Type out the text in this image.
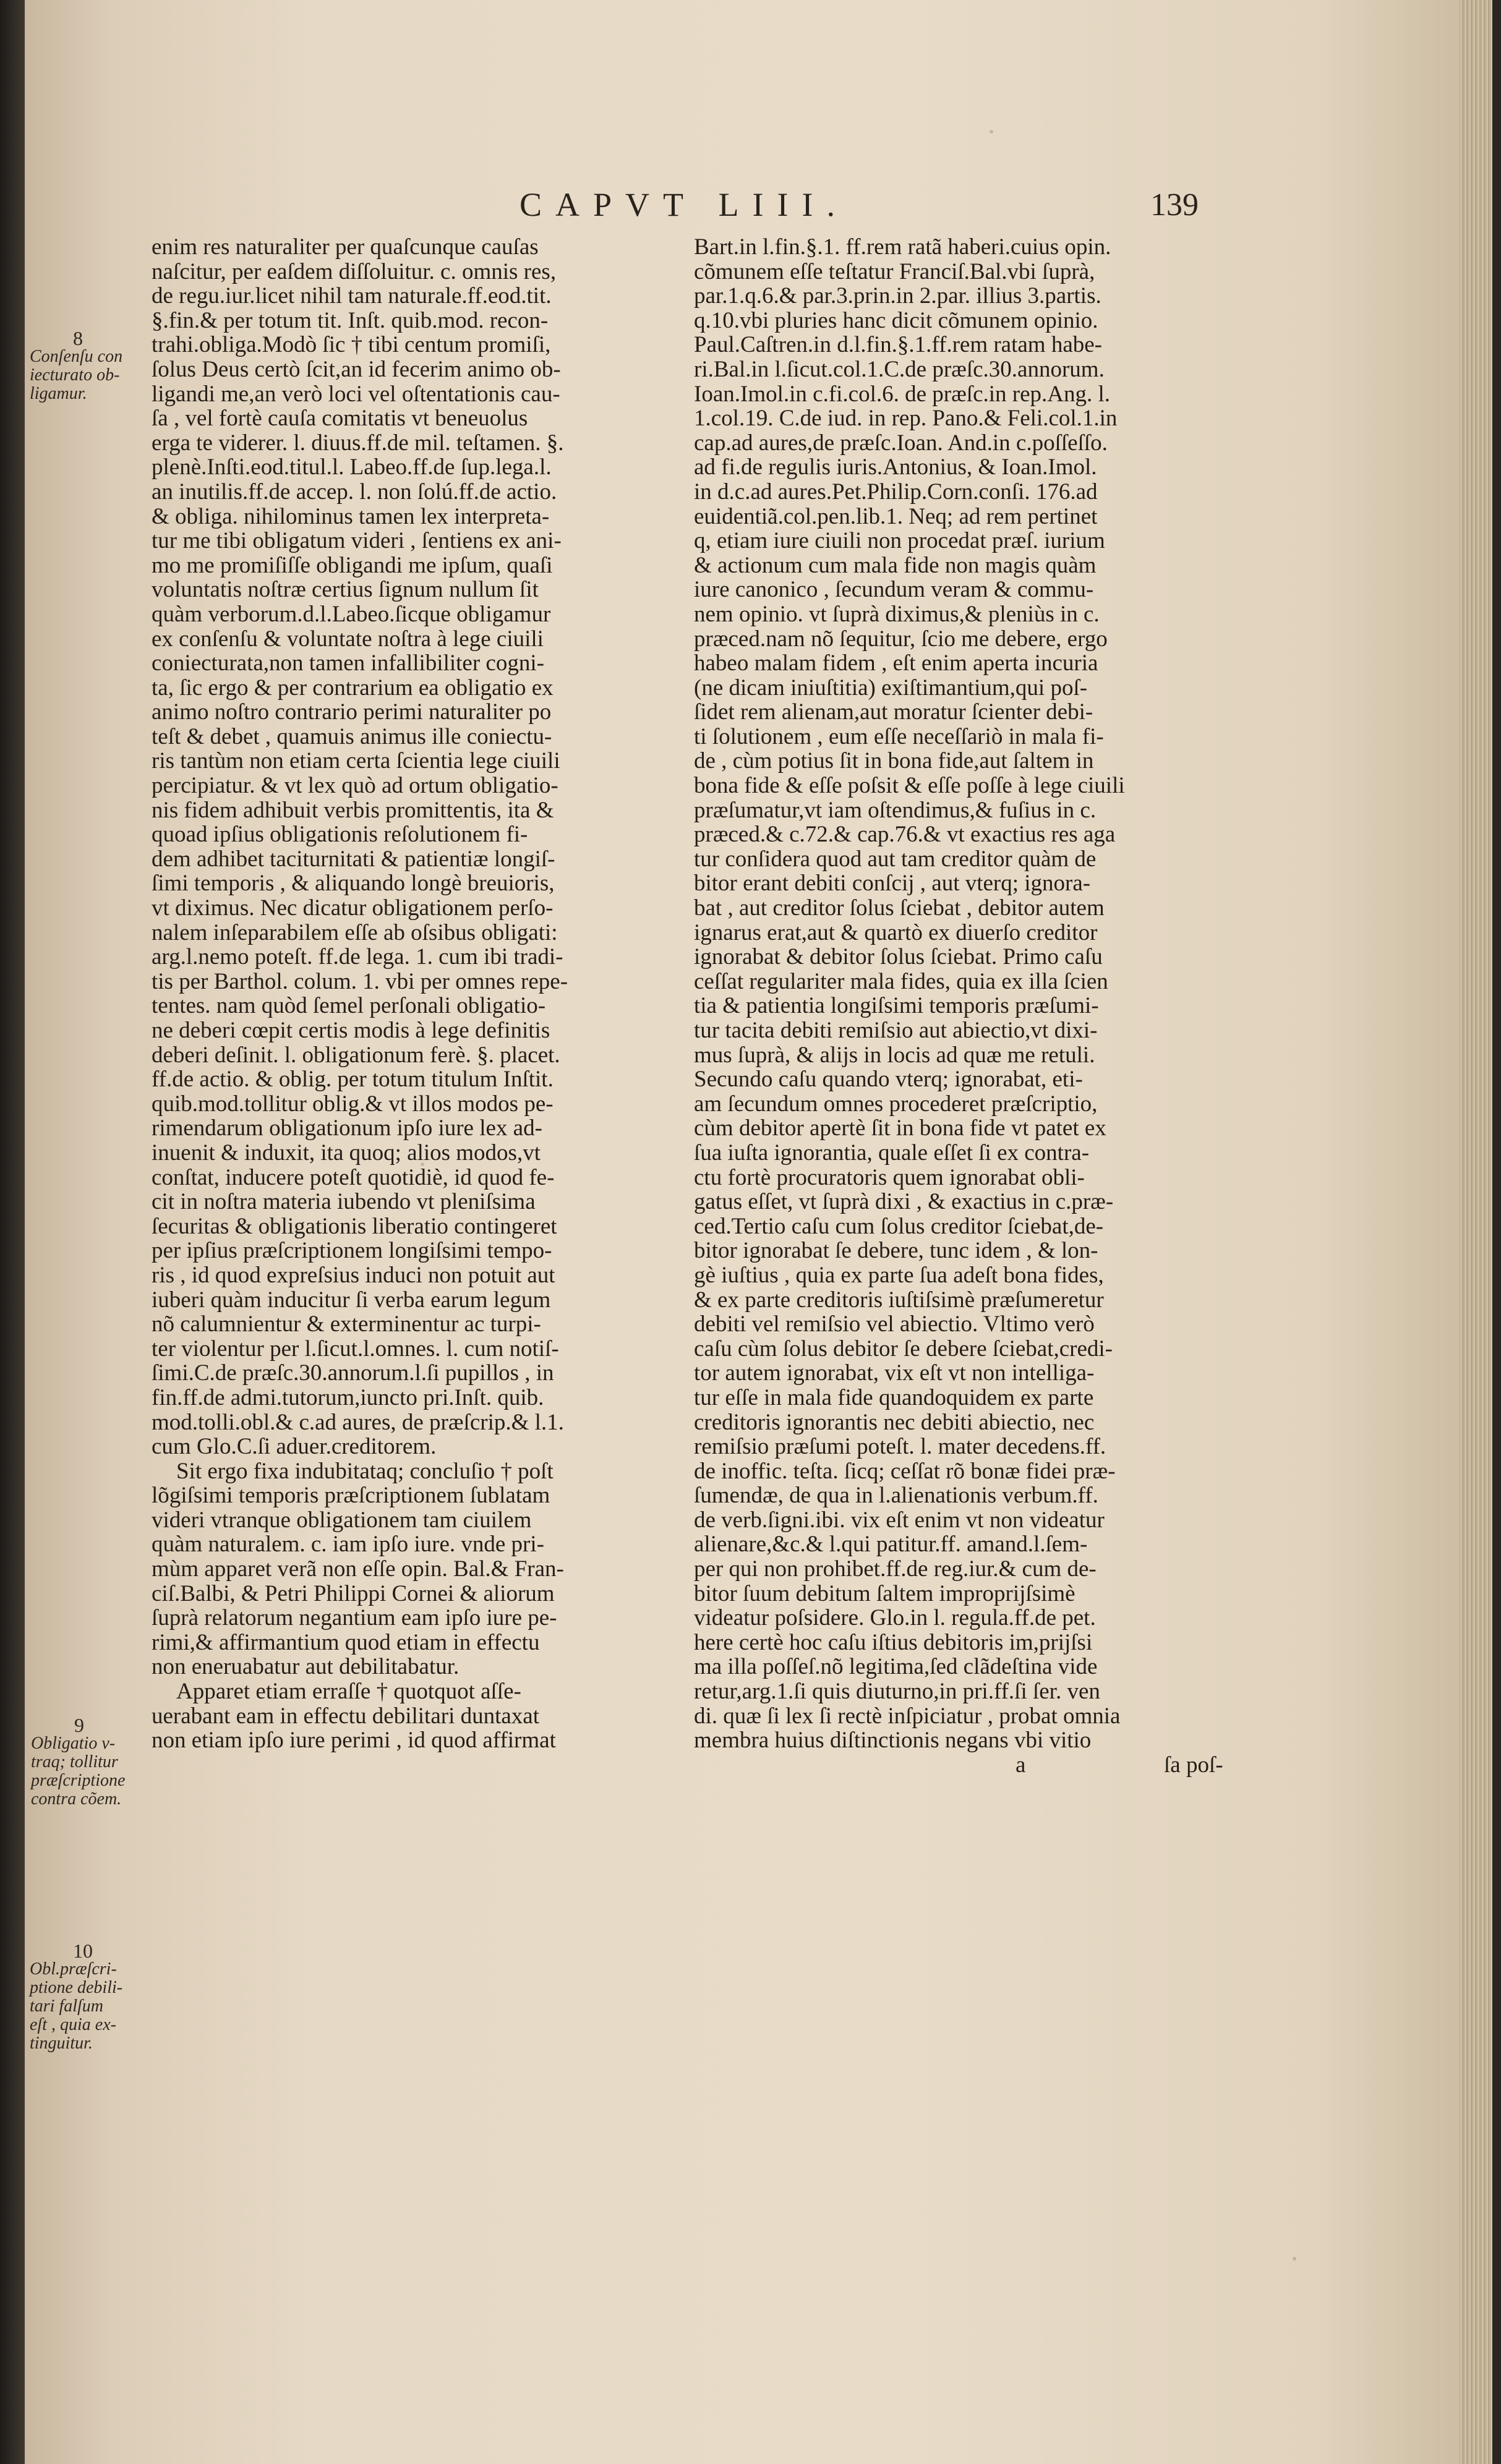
CAPVT LIII.	139
8
Conſenſu con
iecturato ob-
ligamur.
9
Obligatio v-
traq; tollitur
præſcriptione
contra cõem.
10
Obl.præſcri-
ptione debili-
tari falſum
eſt , quia ex-
tinguitur.
enim res naturaliter per quaſcunque cauſas
naſcitur, per eaſdem diſſoluitur. c. omnis res,
de regu.iur.licet nihil tam naturale.ff.eod.tit.
§.fin.& per totum tit. Inſt. quib.mod. recon-
trahi.obliga.Modò ſic † tibi centum promiſi,
ſolus Deus certò ſcit,an id fecerim animo ob-
ligandi me,an verò loci vel oſtentationis cau-
ſa , vel fortè cauſa comitatis vt beneuolus
erga te viderer. l. diuus.ff.de mil. teſtamen. §.
plenè.Inſti.eod.titul.l. Labeo.ff.de ſup.lega.l.
an inutilis.ff.de accep. l. non ſolú.ff.de actio.
& obliga. nihilominus tamen lex interpreta-
tur me tibi obligatum videri , ſentiens ex ani-
mo me promiſiſſe obligandi me ipſum, quaſi
voluntatis noſtræ certius ſignum nullum ſit
quàm verborum.d.l.Labeo.ſicque obligamur
ex conſenſu & voluntate noſtra à lege ciuili
coniecturata,non tamen infallibiliter cogni-
ta, ſic ergo & per contrarium ea obligatio ex
animo noſtro contrario perimi naturaliter po
teſt & debet , quamuis animus ille coniectu-
ris tantùm non etiam certa ſcientia lege ciuili
percipiatur. & vt lex quò ad ortum obligatio-
nis fidem adhibuit verbis promittentis, ita &
quoad ipſius obligationis reſolutionem fi-
dem adhibet taciturnitati & patientiæ longiſ-
ſimi temporis , & aliquando longè breuioris,
vt diximus. Nec dicatur obligationem perſo-
nalem inſeparabilem eſſe ab oſsibus obligati:
arg.l.nemo poteſt. ff.de lega. 1. cum ibi tradi-
tis per Barthol. colum. 1. vbi per omnes repe-
tentes. nam quòd ſemel perſonali obligatio-
ne deberi cœpit certis modis à lege definitis
deberi deſinit. l. obligationum ferè. §. placet.
ff.de actio. & oblig. per totum titulum Inſtit.
quib.mod.tollitur oblig.& vt illos modos pe-
rimendarum obligationum ipſo iure lex ad-
inuenit & induxit, ita quoq; alios modos,vt
conſtat, inducere poteſt quotidiè, id quod fe-
cit in noſtra materia iubendo vt pleniſsima
ſecuritas & obligationis liberatio contingeret
per ipſius præſcriptionem longiſsimi tempo-
ris , id quod expreſsius induci non potuit aut
iuberi quàm inducitur ſi verba earum legum
nõ calumnientur & exterminentur ac turpi-
ter violentur per l.ſicut.l.omnes. l. cum notiſ-
ſimi.C.de præſc.30.annorum.l.ſi pupillos , in
fin.ff.de admi.tutorum,iuncto pri.Inſt. quib.
mod.tolli.obl.& c.ad aures, de præſcrip.& l.1.
cum Glo.C.ſi aduer.creditorem.
Sit ergo fixa indubitataq; concluſio † poſt
lõgiſsimi temporis præſcriptionem ſublatam
videri vtranque obligationem tam ciuilem
quàm naturalem. c. iam ipſo iure. vnde pri-
mùm apparet verã non eſſe opin. Bal.& Fran-
ciſ.Balbi, & Petri Philippi Cornei & aliorum
ſuprà relatorum negantium eam ipſo iure pe-
rimi,& affirmantium quod etiam in effectu
non eneruabatur aut debilitabatur.
Apparet etiam erraſſe † quotquot aſſe-
uerabant eam in effectu debilitari duntaxat
non etiam ipſo iure perimi , id quod affirmat
Bart.in l.fin.§.1. ff.rem ratã haberi.cuius opin.
cõmunem eſſe teſtatur Franciſ.Bal.vbi ſuprà,
par.1.q.6.& par.3.prin.in 2.par. illius 3.partis.
q.10.vbi pluries hanc dicit cõmunem opinio.
Paul.Caſtren.in d.l.fin.§.1.ff.rem ratam habe-
ri.Bal.in l.ſicut.col.1.C.de præſc.30.annorum.
Ioan.Imol.in c.fi.col.6. de præſc.in rep.Ang. l.
1.col.19. C.de iud. in rep. Pano.& Feli.col.1.in
cap.ad aures,de præſc.Ioan. And.in c.poſſeſſo.
ad fi.de regulis iuris.Antonius, & Ioan.Imol.
in d.c.ad aures.Pet.Philip.Corn.conſi. 176.ad
euidentiã.col.pen.lib.1. Neq; ad rem pertinet
q, etiam iure ciuili non procedat præſ. iurium
& actionum cum mala fide non magis quàm
iure canonico , ſecundum veram & commu-
nem opinio. vt ſuprà diximus,& pleniùs in c.
præced.nam nõ ſequitur, ſcio me debere, ergo
habeo malam fidem , eſt enim aperta incuria
(ne dicam iniuſtitia) exiſtimantium,qui poſ-
ſidet rem alienam,aut moratur ſcienter debi-
ti ſolutionem , eum eſſe neceſſariò in mala fi-
de , cùm potius ſit in bona fide,aut ſaltem in
bona fide & eſſe poſsit & eſſe poſſe à lege ciuili
præſumatur,vt iam oſtendimus,& fuſius in c.
præced.& c.72.& cap.76.& vt exactius res aga
tur conſidera quod aut tam creditor quàm de
bitor erant debiti conſcij , aut vterq; ignora-
bat , aut creditor ſolus ſciebat , debitor autem
ignarus erat,aut & quartò ex diuerſo creditor
ignorabat & debitor ſolus ſciebat. Primo caſu
ceſſat regulariter mala fides, quia ex illa ſcien
tia & patientia longiſsimi temporis præſumi-
tur tacita debiti remiſsio aut abiectio,vt dixi-
mus ſuprà, & alijs in locis ad quæ me retuli.
Secundo caſu quando vterq; ignorabat, eti-
am ſecundum omnes procederet præſcriptio,
cùm debitor apertè ſit in bona fide vt patet ex
ſua iuſta ignorantia, quale eſſet ſi ex contra-
ctu fortè procuratoris quem ignorabat obli-
gatus eſſet, vt ſuprà dixi , & exactius in c.præ-
ced.Tertio caſu cum ſolus creditor ſciebat,de-
bitor ignorabat ſe debere, tunc idem , & lon-
gè iuſtius , quia ex parte ſua adeſt bona fides,
& ex parte creditoris iuſtiſsimè præſumeretur
debiti vel remiſsio vel abiectio. Vltimo verò
caſu cùm ſolus debitor ſe debere ſciebat,credi-
tor autem ignorabat, vix eſt vt non intelliga-
tur eſſe in mala fide quandoquidem ex parte
creditoris ignorantis nec debiti abiectio, nec
remiſsio præſumi poteſt. l. mater decedens.ff.
de inoffic. teſta. ſicq; ceſſat rõ bonæ fidei præ-
ſumendæ, de qua in l.alienationis verbum.ff.
de verb.ſigni.ibi. vix eſt enim vt non videatur
alienare,&c.& l.qui patitur.ff. amand.l.ſem-
per qui non prohibet.ff.de reg.iur.& cum de-
bitor ſuum debitum ſaltem improprijſsimè
videatur poſsidere. Glo.in l. regula.ff.de pet.
here certè hoc caſu iſtius debitoris im,prijſsi
ma illa poſſeſ.nõ legitima,ſed clãdeſtina vide
retur,arg.1.ſi quis diuturno,in pri.ff.ſi ſer. ven
di. quæ ſi lex ſi rectè inſpiciatur , probat omnia
membra huius diſtinctionis negans vbi vitio
a	ſa poſ-
